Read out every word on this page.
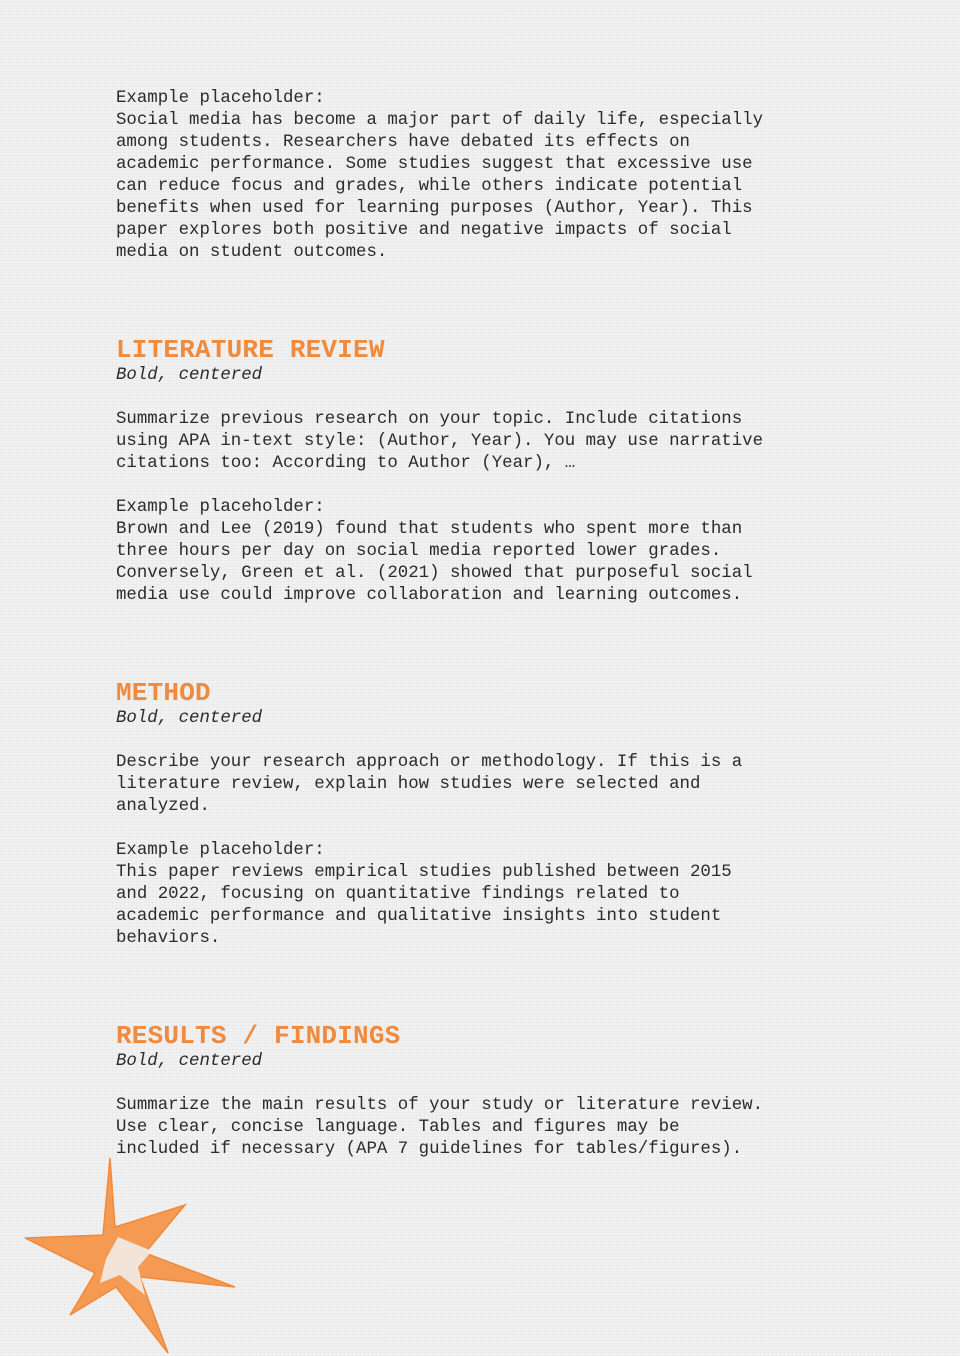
Example placeholder:

Social media has become a major part of daily life, especially
among students. Researchers have debated its effects on
academic performance. Some studies suggest that excessive use
can reduce focus and grades, while others indicate potential
benefits when used for learning purposes (Author, Year). This
paper explores both positive and negative impacts of social
media on student outcomes.

LITERATURE REVIEW

Bold, centered

Summarize previous research on your topic. Include citations
using APA in-text style: (Author, Year). You may use narrative
citations too: According to Author (Year), …

Example placeholder:

Brown and Lee (2019) found that students who spent more than
three hours per day on social media reported lower grades.
Conversely, Green et al. (2021) showed that purposeful social
media use could improve collaboration and learning outcomes.

METHOD

Bold, centered

Describe your research approach or methodology. If this is a
literature review, explain how studies were selected and
analyzed.

Example placeholder:

This paper reviews empirical studies published between 2015
and 2022, focusing on quantitative findings related to
academic performance and qualitative insights into student
behaviors.

RESULTS / FINDINGS

Bold, centered

Summarize the main results of your study or literature review.
Use clear, concise language. Tables and figures may be
included if necessary (APA 7 guidelines for tables/figures).
